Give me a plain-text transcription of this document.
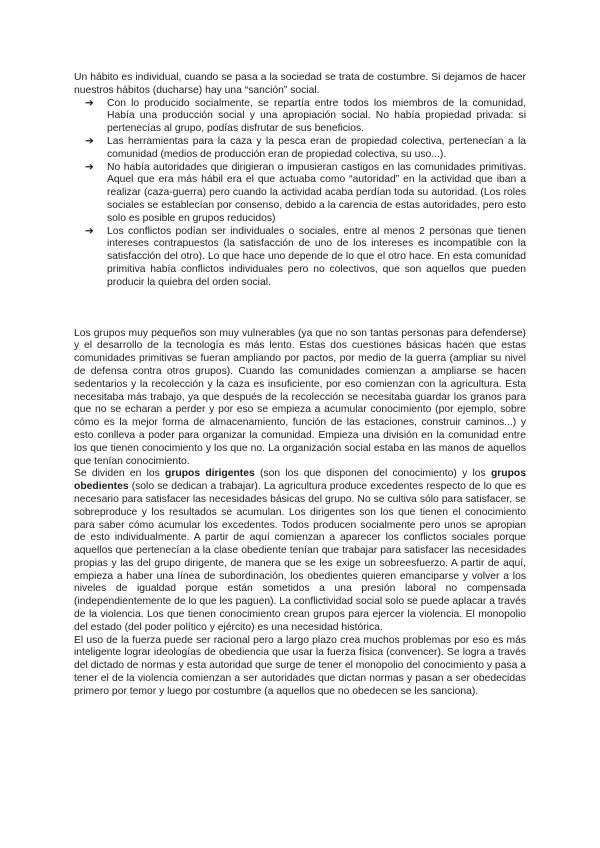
Un hábito es individual, cuando se pasa a la sociedad se trata de costumbre. Si dejamos de hacer nuestros hábitos (ducharse) hay una “sanción” social.

➔ Con lo producido socialmente, se repartía entre todos los miembros de la comunidad, Había una producción social y una apropiación social. No había propiedad privada: si pertenecías al grupo, podías disfrutar de sus beneficios.
➔ Las herramientas para la caza y la pesca eran de propiedad colectiva, pertenecían a la comunidad (medios de producción eran de propiedad colectiva, su uso...).
➔ No había autoridades que dirigieran o impusieran castigos en las comunidades primitivas. Aquel que era más hábil era el que actuaba como “autoridad” en la actividad que iban a realizar (caza-guerra) pero cuando la actividad acaba perdían toda su autoridad. (Los roles sociales se establecían por consenso, debido a la carencia de estas autoridades, pero esto solo es posible en grupos reducidos)
➔ Los conflictos podían ser individuales o sociales, entre al menos 2 personas que tienen intereses contrapuestos (la satisfacción de uno de los intereses es incompatible con la satisfacción del otro). Lo que hace uno depende de lo que el otro hace. En esta comunidad primitiva había conflictos individuales pero no colectivos, que son aquellos que pueden producir la quiebra del orden social.

Los grupos muy pequeños son muy vulnerables (ya que no son tantas personas para defenderse) y el desarrollo de la tecnología es más lento. Estas dos cuestiones básicas hacen que estas comunidades primitivas se fueran ampliando por pactos, por medio de la guerra (ampliar su nivel de defensa contra otros grupos). Cuando las comunidades comienzan a ampliarse se hacen sedentarios y la recolección y la caza es insuficiente, por eso comienzan con la agricultura. Esta necesitaba más trabajo, ya que después de la recolección se necesitaba guardar los granos para que no se echaran a perder y por eso se empieza a acumular conocimiento (por ejemplo, sobre cómo es la mejor forma de almacenamiento, función de las estaciones, construir caminos...) y esto conlleva a poder para organizar la comunidad. Empieza una división en la comunidad entre los que tienen conocimiento y los que no. La organización social estaba en las manos de aquellos que tenían conocimiento.

Se dividen en los grupos dirigentes (son los que disponen del conocimiento) y los grupos obedientes (solo se dedican a trabajar). La agricultura produce excedentes respecto de lo que es necesario para satisfacer las necesidades básicas del grupo. No se cultiva sólo para satisfacer, se sobreproduce y los resultados se acumulan. Los dirigentes son los que tienen el conocimiento para saber cómo acumular los excedentes. Todos producen socialmente pero unos se apropian de esto individualmente. A partir de aquí comienzan a aparecer los conflictos sociales porque aquellos que pertenecían a la clase obediente tenían que trabajar para satisfacer las necesidades propias y las del grupo dirigente, de manera que se les exige un sobreesfuerzo. A partir de aquí, empieza a haber una línea de subordinación, los obedientes quieren emanciparse y volver a los niveles de igualdad porque están sometidos a una presión laboral no compensada (independientemente de lo que les paguen). La conflictividad social solo se puede aplacar a través de la violencia. Los que tienen conocimiento crean grupos para ejercer la violencia. El monopolio del estado (del poder político y ejército) es una necesidad histórica.

El uso de la fuerza puede ser racional pero a largo plazo crea muchos problemas por eso es más inteligente lograr ideologías de obediencia que usar la fuerza física (convencer). Se logra a través del dictado de normas y esta autoridad que surge de tener el monopolio del conocimiento y pasa a tener el de la violencia comienzan a ser autoridades que dictan normas y pasan a ser obedecidas primero por temor y luego por costumbre (a aquellos que no obedecen se les sanciona).
